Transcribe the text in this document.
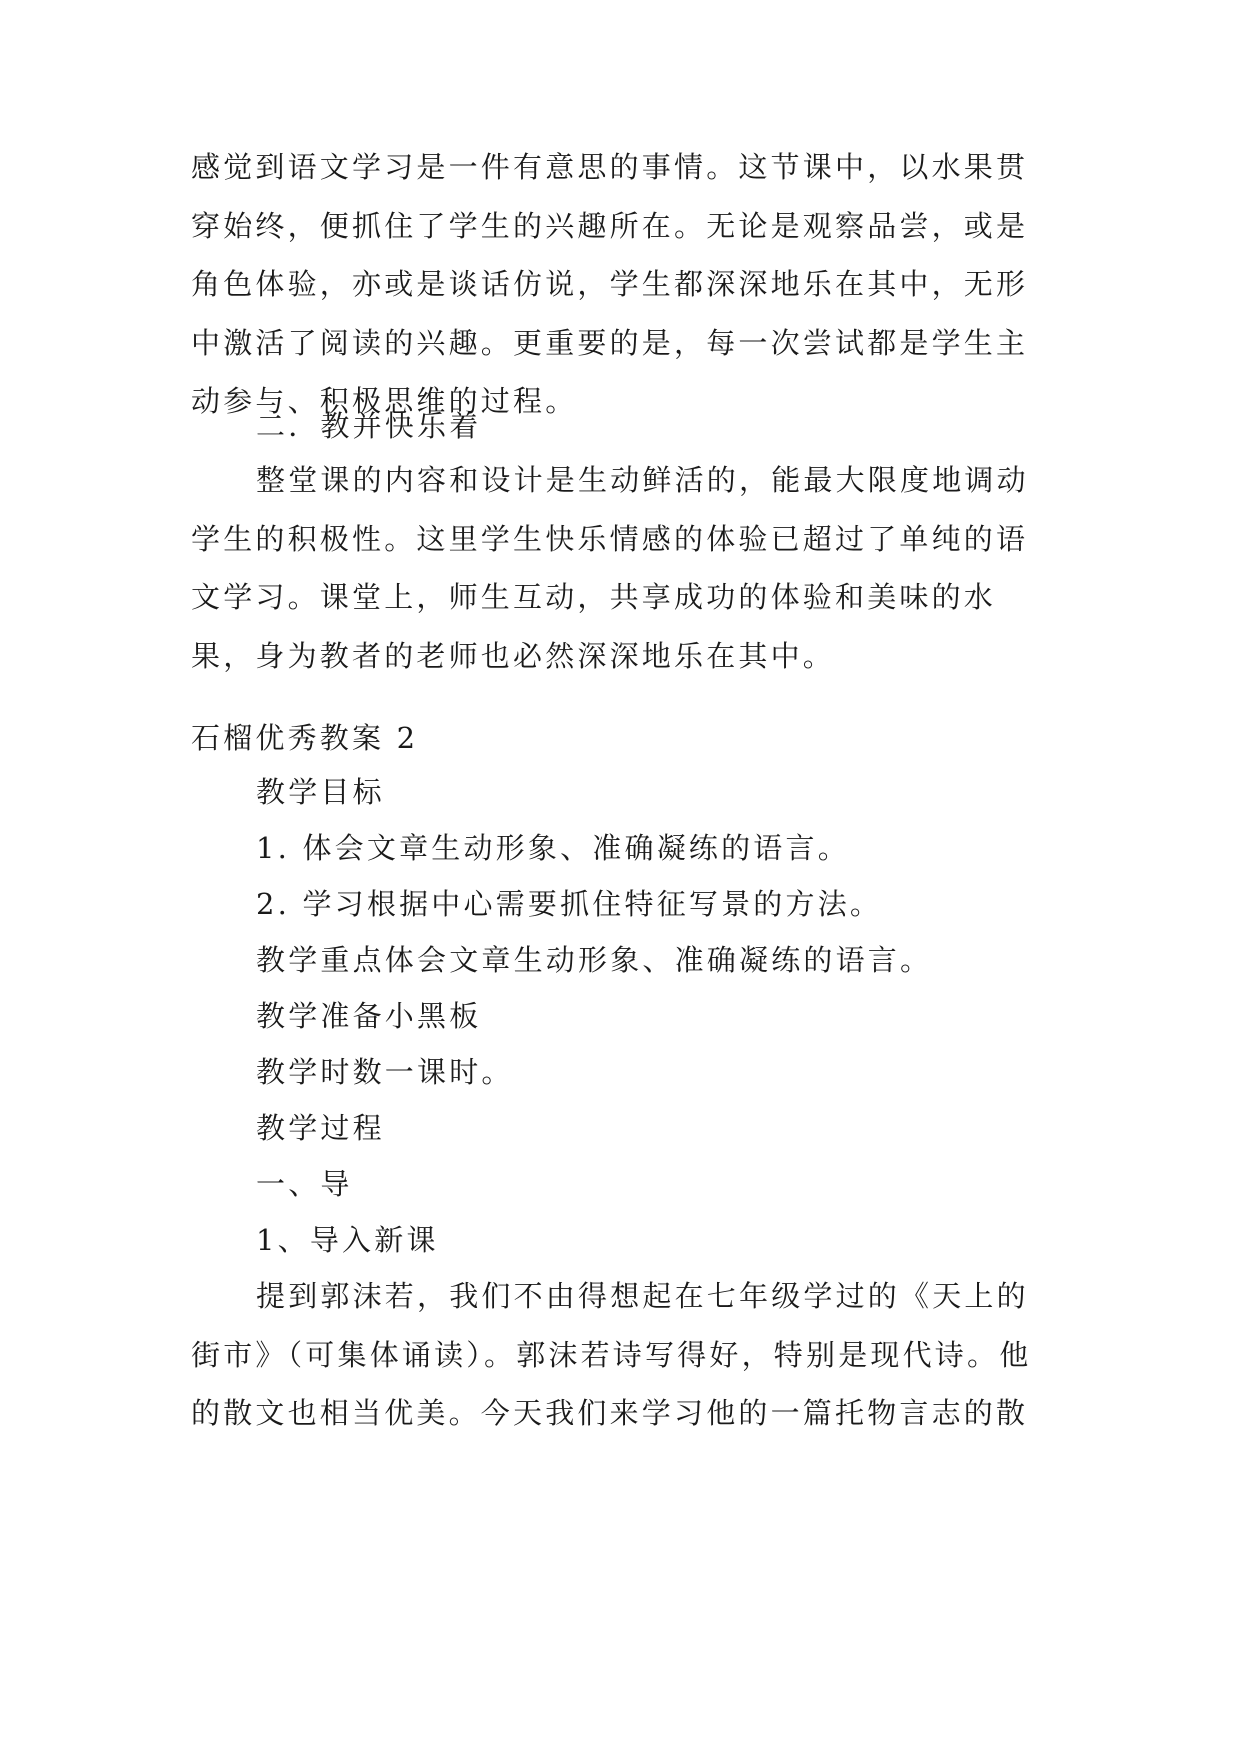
感觉到语文学习是一件有意思的事情。这节课中，以水果贯穿始终，便抓住了学生的兴趣所在。无论是观察品尝，或是角色体验，亦或是谈话仿说，学生都深深地乐在其中，无形中激活了阅读的兴趣。更重要的是，每一次尝试都是学生主动参与、积极思维的过程。
二．教并快乐着
整堂课的内容和设计是生动鲜活的，能最大限度地调动学生的积极性。这里学生快乐情感的体验已超过了单纯的语文学习。课堂上，师生互动，共享成功的体验和美味的水果，身为教者的老师也必然深深地乐在其中。
石榴优秀教案 2
教学目标
1. 体会文章生动形象、准确凝练的语言。
2. 学习根据中心需要抓住特征写景的方法。
教学重点体会文章生动形象、准确凝练的语言。
教学准备小黑板
教学时数一课时。
教学过程
一、导
1、导入新课
提到郭沫若，我们不由得想起在七年级学过的《天上的街市》（可集体诵读）。郭沫若诗写得好，特别是现代诗。他的散文也相当优美。今天我们来学习他的一篇托物言志的散
